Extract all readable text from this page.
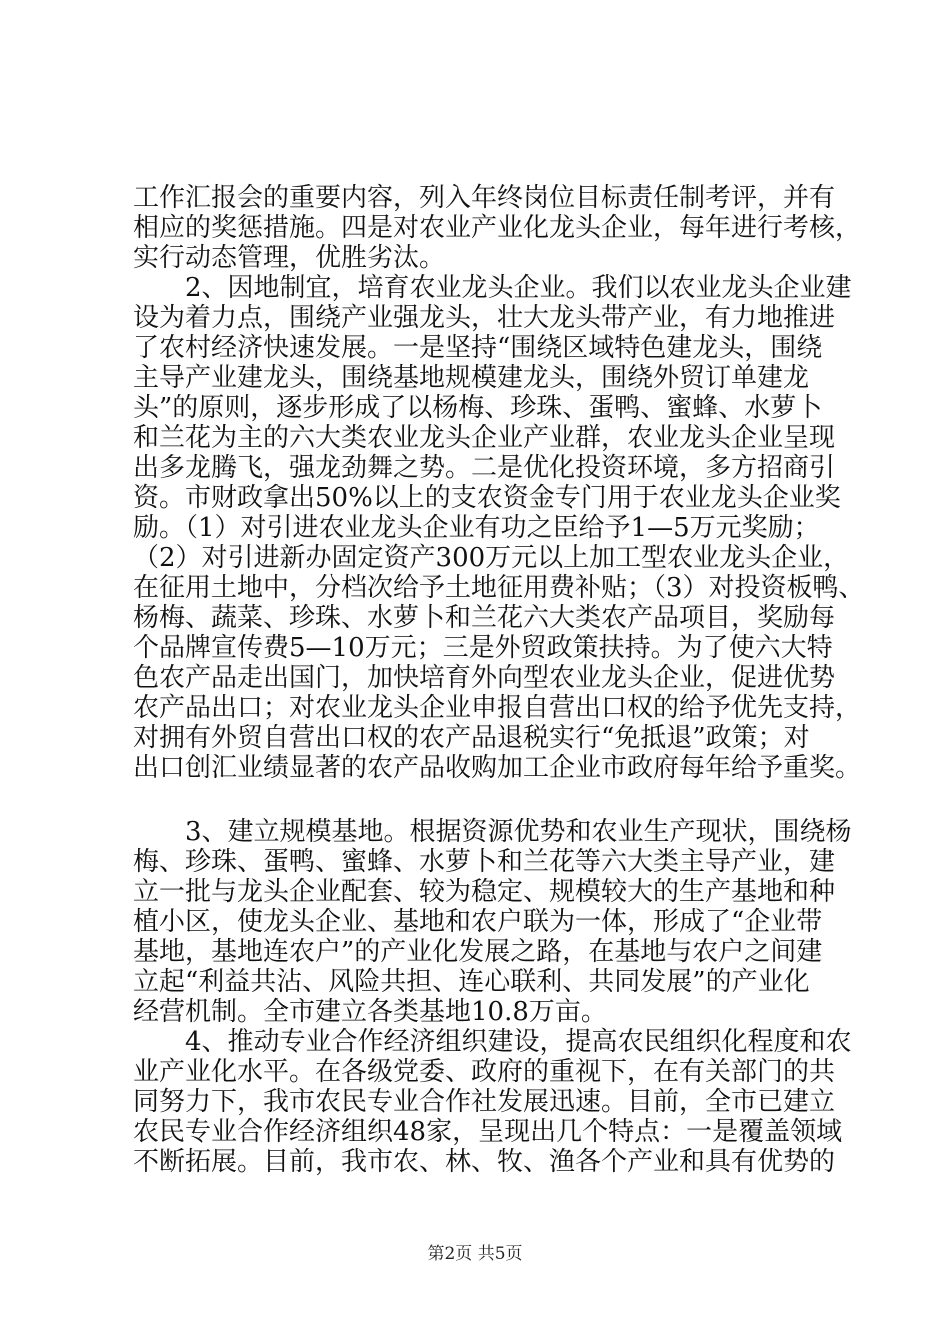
工作汇报会的重要内容，列入年终岗位目标责任制考评，并有
相应的奖惩措施。四是对农业产业化龙头企业，每年进行考核，
实行动态管理，优胜劣汰。
　　2、因地制宜，培育农业龙头企业。我们以农业龙头企业建
设为着力点，围绕产业强龙头，壮大龙头带产业，有力地推进
了农村经济快速发展。一是坚持“围绕区域特色建龙头，围绕
主导产业建龙头，围绕基地规模建龙头，围绕外贸订单建龙
头”的原则，逐步形成了以杨梅、珍珠、蛋鸭、蜜蜂、水萝卜
和兰花为主的六大类农业龙头企业产业群，农业龙头企业呈现
出多龙腾飞，强龙劲舞之势。二是优化投资环境，多方招商引
资。市财政拿出50%以上的支农资金专门用于农业龙头企业奖
励。（1）对引进农业龙头企业有功之臣给予1—5万元奖励；
（2）对引进新办固定资产300万元以上加工型农业龙头企业，
在征用土地中，分档次给予土地征用费补贴；（3）对投资板鸭、
杨梅、蔬菜、珍珠、水萝卜和兰花六大类农产品项目，奖励每
个品牌宣传费5—10万元；三是外贸政策扶持。为了使六大特
色农产品走出国门，加快培育外向型农业龙头企业，促进优势
农产品出口；对农业龙头企业申报自营出口权的给予优先支持，
对拥有外贸自营出口权的农产品退税实行“免抵退”政策；对
出口创汇业绩显著的农产品收购加工企业市政府每年给予重奖。
　　3、建立规模基地。根据资源优势和农业生产现状，围绕杨
梅、珍珠、蛋鸭、蜜蜂、水萝卜和兰花等六大类主导产业，建
立一批与龙头企业配套、较为稳定、规模较大的生产基地和种
植小区，使龙头企业、基地和农户联为一体，形成了“企业带
基地，基地连农户”的产业化发展之路，在基地与农户之间建
立起“利益共沾、风险共担、连心联利、共同发展”的产业化
经营机制。全市建立各类基地10.8万亩。
　　4、推动专业合作经济组织建设，提高农民组织化程度和农
业产业化水平。在各级党委、政府的重视下，在有关部门的共
同努力下，我市农民专业合作社发展迅速。目前，全市已建立
农民专业合作经济组织48家，呈现出几个特点：一是覆盖领域
不断拓展。目前，我市农、林、牧、渔各个产业和具有优势的
第2页 共5页
